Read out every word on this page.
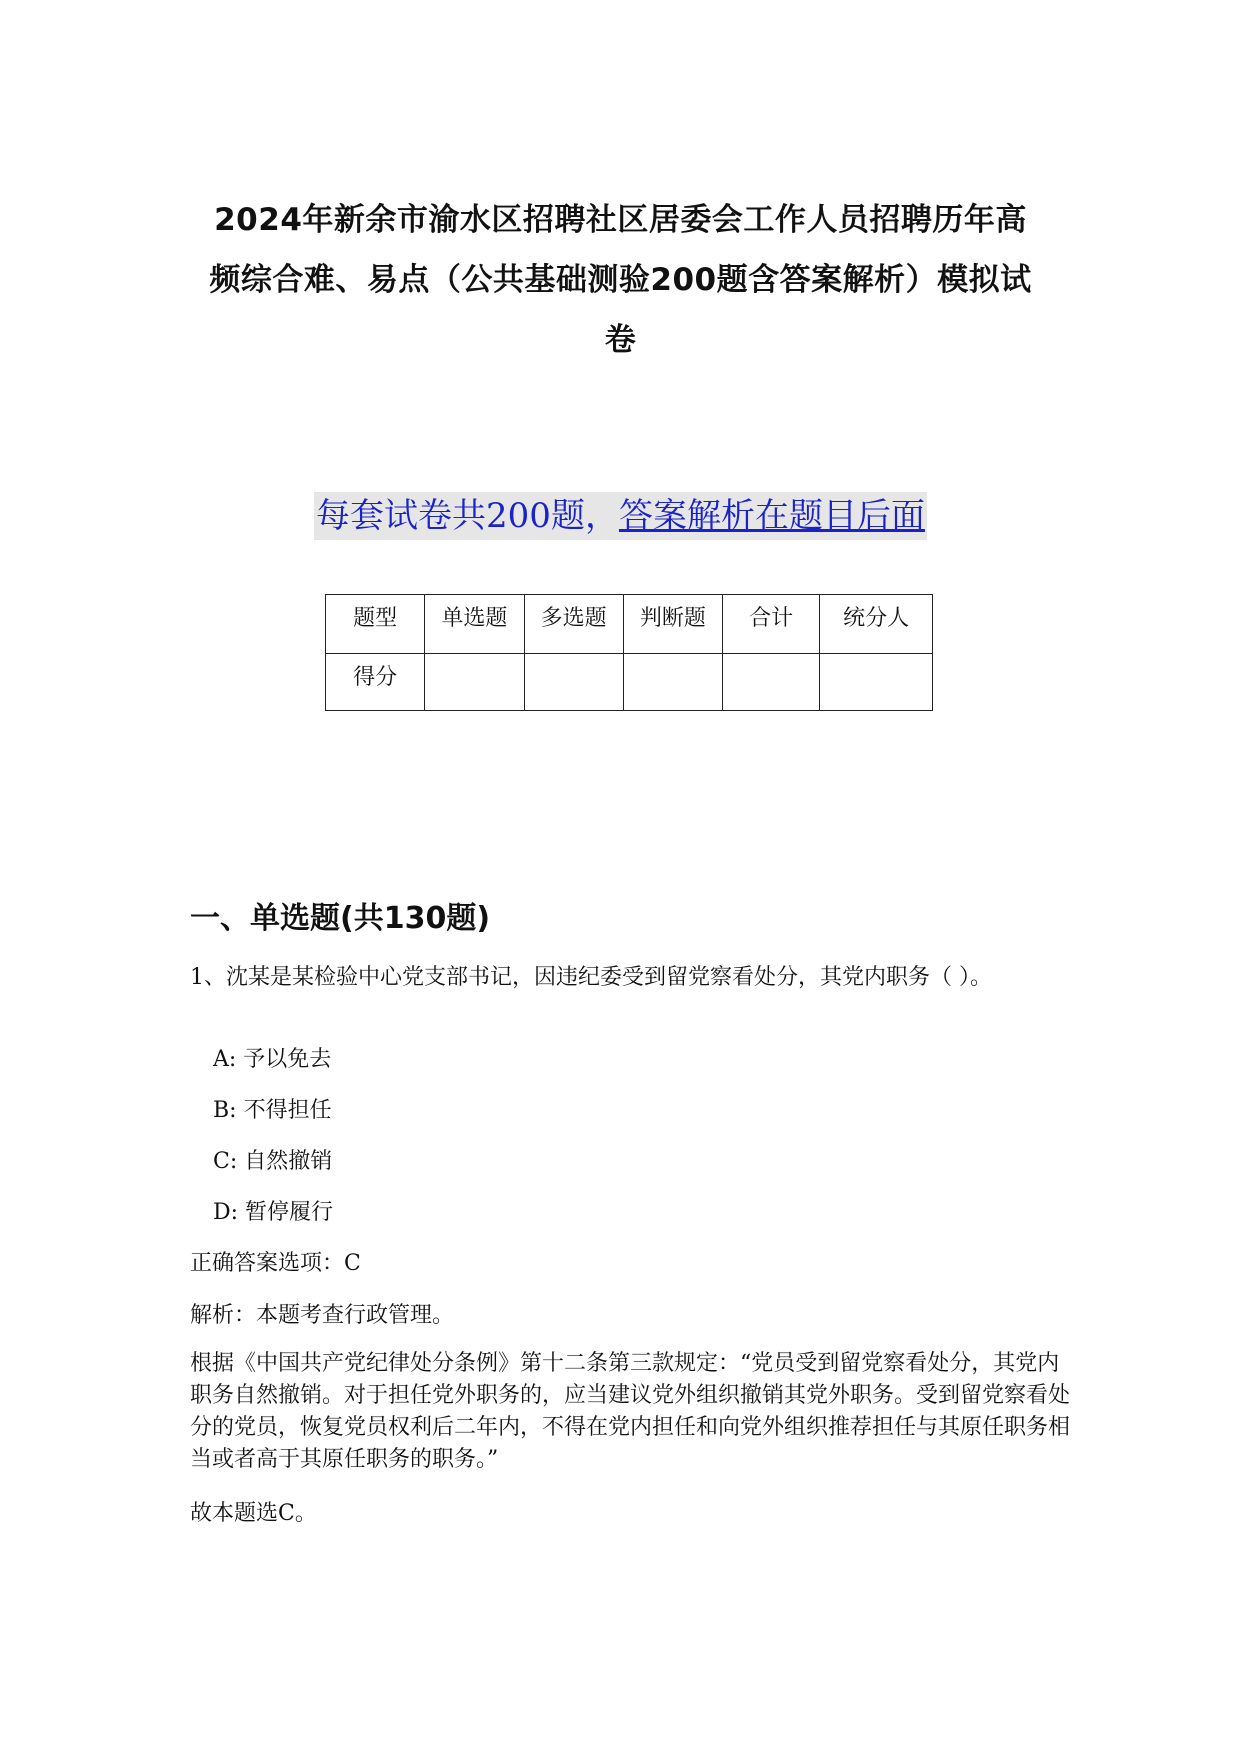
2024年新余市渝水区招聘社区居委会工作人员招聘历年高
频综合难、易点（公共基础测验200题含答案解析）模拟试
卷
每套试卷共200题，答案解析在题目后面
题型	单选题	多选题	判断题	合计	统分人
得分					
一、单选题(共130题)
1、沈某是某检验中心党支部书记，因违纪委受到留党察看处分，其党内职务（ ）。
A: 予以免去
B: 不得担任
C: 自然撤销
D: 暂停履行
正确答案选项：C
解析：本题考查行政管理。
根据《中国共产党纪律处分条例》第十二条第三款规定：“党员受到留党察看处分，其党内职务自然撤销。对于担任党外职务的，应当建议党外组织撤销其党外职务。受到留党察看处分的党员，恢复党员权利后二年内，不得在党内担任和向党外组织推荐担任与其原任职务相当或者高于其原任职务的职务。”
故本题选C。
